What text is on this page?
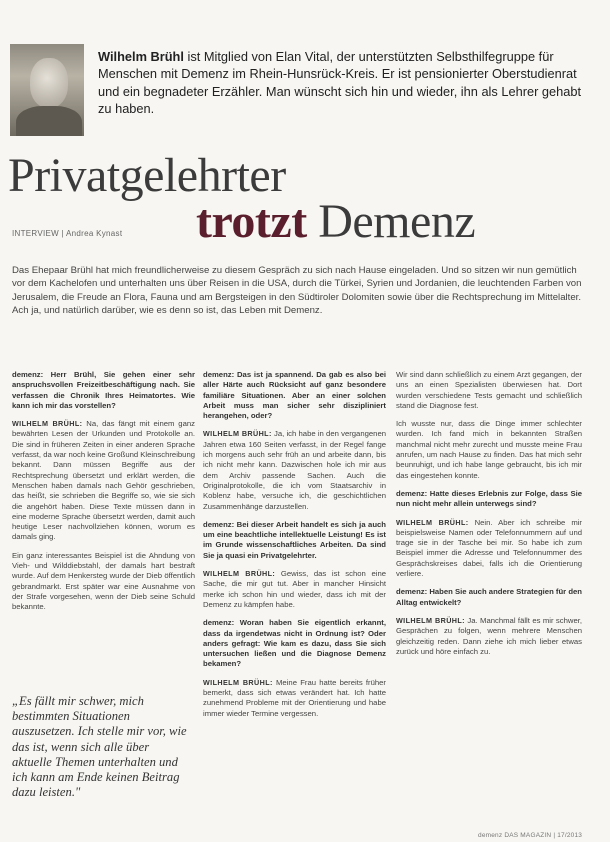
Wilhelm Brühl ist Mitglied von Elan Vital, der unterstützten Selbsthilfegruppe für Menschen mit Demenz im Rhein-Hunsrück-Kreis. Er ist pensionierter Oberstudienrat und ein begnadeter Erzähler. Man wünscht sich hin und wieder, ihn als Lehrer gehabt zu haben.
Privatgelehrter
trotzt Demenz
INTERVIEW | Andrea Kynast
Das Ehepaar Brühl hat mich freundlicherweise zu diesem Gespräch zu sich nach Hause eingeladen. Und so sitzen wir nun gemütlich vor dem Kachelofen und unterhalten uns über Reisen in die USA, durch die Türkei, Syrien und Jordanien, die leuchtenden Farben von Jerusalem, die Freude an Flora, Fauna und am Bergsteigen in den Südtiroler Dolomiten sowie über die Rechtsprechung im Mittelalter. Ach ja, und natürlich darüber, wie es denn so ist, das Leben mit Demenz.

demenz: Herr Brühl, Sie gehen einer sehr anspruchsvollen Freizeitbeschäftigung nach. Sie verfassen die Chronik Ihres Heimatortes. Wie kann ich mir das vorstellen?

WILHELM BRÜHL: Na, das fängt mit einem ganz bewährten Lesen der Urkunden und Protokolle an. Die sind in früheren Zeiten in einer anderen Sprache verfasst, da war noch keine Großund Kleinschreibung bekannt. Dann müssen Begriffe aus der Rechtsprechung übersetzt und erklärt werden, die Menschen haben damals nach Gehör geschrieben, das heißt, sie schrieben die Begriffe so, wie sie sich die angehört haben. Diese Texte müssen dann in eine moderne Sprache übersetzt werden, damit auch heutige Leser nachvollziehen können, worum es damals ging.

Ein ganz interessantes Beispiel ist die Ahndung von Vieh- und Wilddiebstahl, der damals hart bestraft wurde. Auf dem Henkersteg wurde der Dieb öffentlich gebrandmarkt. Erst später war eine Ausnahme von der Strafe vorgesehen, wenn der Dieb seine Schuld bekannte.

„Es fällt mir schwer, mich bestimmten Situationen auszusetzen. Ich stelle mir vor, wie das ist, wenn sich alle über aktuelle Themen unterhalten und ich kann am Ende keinen Beitrag dazu leisten."

demenz: Das ist ja spannend. Da gab es also bei aller Härte auch Rücksicht auf ganz besondere familiäre Situationen. Aber an einer solchen Arbeit muss man sicher sehr diszipliniert herangehen, oder?

WILHELM BRÜHL: Ja, ich habe in den vergangenen Jahren etwa 160 Seiten verfasst, in der Regel fange ich morgens auch sehr früh an und arbeite dann, bis ich nicht mehr kann. Dazwischen hole ich mir aus dem Archiv passende Sachen. Auch die Originalprotokolle, die ich vom Staatsarchiv in Koblenz habe, versuche ich, die geschichtlichen Zusammenhänge darzustellen.

demenz: Bei dieser Arbeit handelt es sich ja auch um eine beachtliche intellektuelle Leistung! Es ist im Grunde wissenschaftliches Arbeiten. Da sind Sie ja quasi ein Privatgelehrter.

WILHELM BRÜHL: Gewiss, das ist schon eine Sache, die mir gut tut. Aber in mancher Hinsicht merke ich schon hin und wieder, dass ich mit der Demenz zu kämpfen habe.

demenz: Woran haben Sie eigentlich erkannt, dass da irgendetwas nicht in Ordnung ist? Oder anders gefragt: Wie kam es dazu, dass Sie sich untersuchen ließen und die Diagnose Demenz bekamen?

WILHELM BRÜHL: Meine Frau hatte bereits früher bemerkt, dass sich etwas verändert hat. Ich hatte zunehmend Probleme mit der Orientierung und habe immer wieder Termine vergessen.

Wir sind dann schließlich zu einem Arzt gegangen, der uns an einen Spezialisten überwiesen hat. Dort wurden verschiedene Tests gemacht und schließlich stand die Diagnose fest.

Ich wusste nur, dass die Dinge immer schlechter wurden. Ich fand mich in bekannten Straßen manchmal nicht mehr zurecht und musste meine Frau anrufen, um nach Hause zu finden. Das hat mich sehr beunruhigt, und ich habe lange gebraucht, bis ich mir das eingestehen konnte.

demenz: Hatte dieses Erlebnis zur Folge, dass Sie nun nicht mehr allein unterwegs sind?

WILHELM BRÜHL: Nein. Aber ich schreibe mir beispielsweise Namen oder Telefonnummern auf und trage sie in der Tasche bei mir. So habe ich zum Beispiel immer die Adresse und Telefonnummer des Gesprächskreises dabei, falls ich die Orientierung verliere.

demenz: Haben Sie auch andere Strategien für den Alltag entwickelt?

WILHELM BRÜHL: Ja. Manchmal fällt es mir schwer, Gesprächen zu folgen, wenn mehrere Menschen gleichzeitig reden. Dann ziehe ich mich lieber etwas zurück und höre einfach zu.

demenz DAS MAGAZIN | 17/2013
